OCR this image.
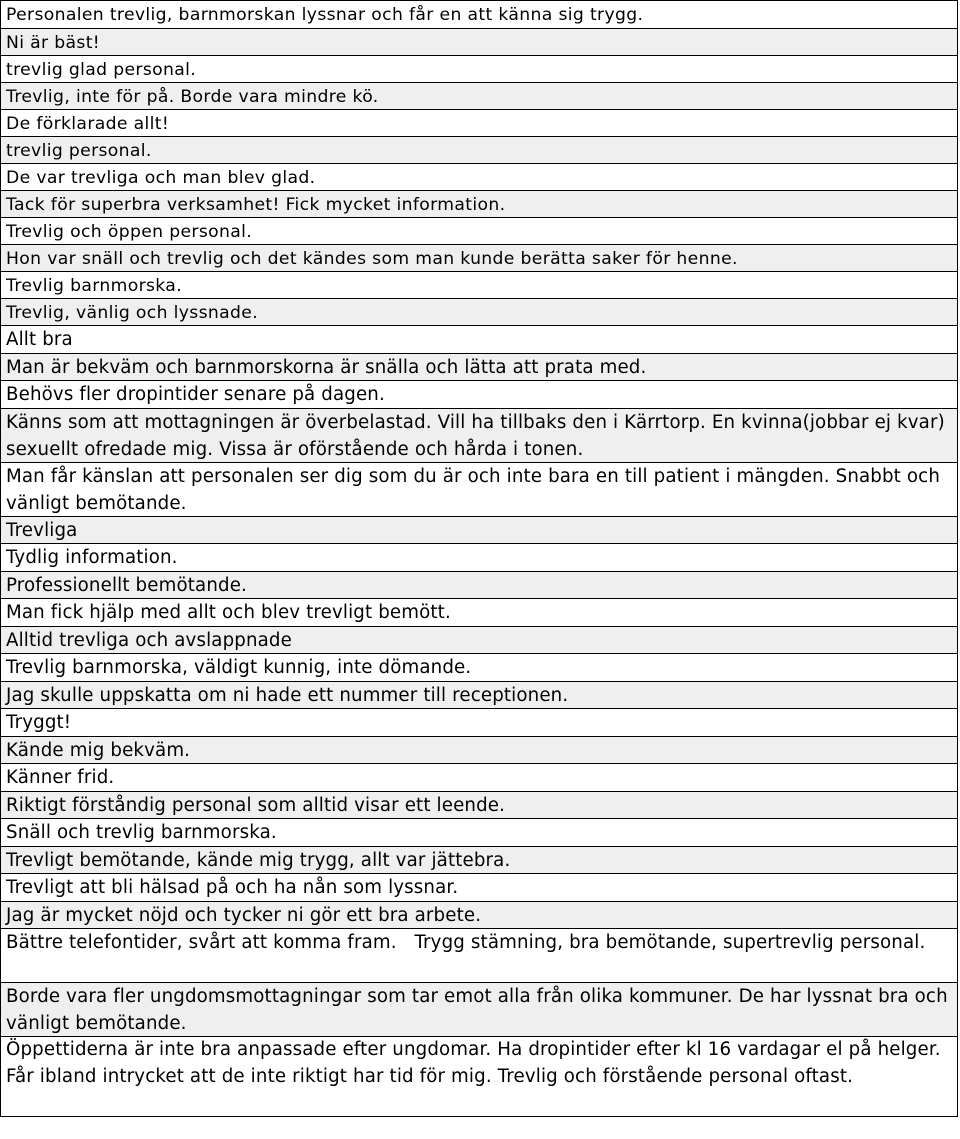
Personalen trevlig, barnmorskan lyssnar och får en att känna sig trygg.
Ni är bäst!
trevlig glad personal.
Trevlig, inte för på. Borde vara mindre kö.
De förklarade allt!
trevlig personal.
De var trevliga och man blev glad.
Tack för superbra verksamhet! Fick mycket information.
Trevlig och öppen personal.
Hon var snäll och trevlig och det kändes som man kunde berätta saker för henne.
Trevlig barnmorska.
Trevlig, vänlig och lyssnade.
Allt bra
Man är bekväm och barnmorskorna är snälla och lätta att prata med.
Behövs fler dropintider senare på dagen.
Känns som att mottagningen är överbelastad. Vill ha tillbaks den i Kärrtorp. En kvinna(jobbar ej kvar) sexuellt ofredade mig. Vissa är oförstående och hårda i tonen.
Man får känslan att personalen ser dig som du är och inte bara en till patient i mängden. Snabbt och vänligt bemötande.
Trevliga
Tydlig information.
Professionellt bemötande.
Man fick hjälp med allt och blev trevligt bemött.
Alltid trevliga och avslappnade
Trevlig barnmorska, väldigt kunnig, inte dömande.
Jag skulle uppskatta om ni hade ett nummer till receptionen.
Tryggt!
Kände mig bekväm.
Känner frid.
Riktigt förståndig personal som alltid visar ett leende.
Snäll och trevlig barnmorska.
Trevligt bemötande, kände mig trygg, allt var jättebra.
Trevligt att bli hälsad på och ha nån som lyssnar.
Jag är mycket nöjd och tycker ni gör ett bra arbete.
Bättre telefontider, svårt att komma fram.   Trygg stämning, bra bemötande, supertrevlig personal.
Borde vara fler ungdomsmottagningar som tar emot alla från olika kommuner. De har lyssnat bra och vänligt bemötande.
Öppettiderna är inte bra anpassade efter ungdomar. Ha dropintider efter kl 16 vardagar el på helger. Får ibland intrycket att de inte riktigt har tid för mig. Trevlig och förstående personal oftast.
